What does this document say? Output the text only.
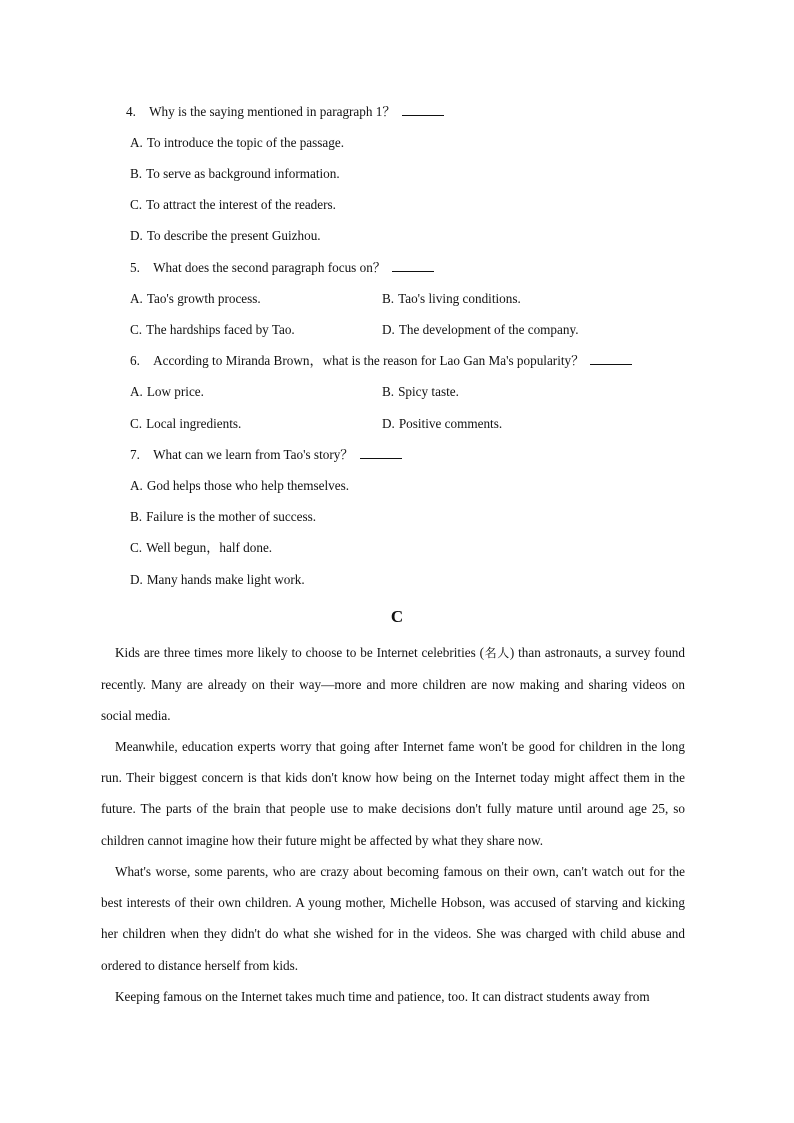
4. Why is the saying mentioned in paragraph 1？
A. To introduce the topic of the passage.
B. To serve as background information.
C. To attract the interest of the readers.
D. To describe the present Guizhou.
5. What does the second paragraph focus on？
A. Tao's growth process.	B. Tao's living conditions.
C. The hardships faced by Tao.	D. The development of the company.
6. According to Miranda Brown，what is the reason for Lao Gan Ma's popularity？
A. Low price.	B. Spicy taste.
C. Local ingredients.	D. Positive comments.
7. What can we learn from Tao's story？
A. God helps those who help themselves.
B. Failure is the mother of success.
C. Well begun，half done.
D. Many hands make light work.
C
Kids are three times more likely to choose to be Internet celebrities (名人) than astronauts, a survey found recently. Many are already on their way—more and more children are now making and sharing videos on social media.
Meanwhile, education experts worry that going after Internet fame won't be good for children in the long run. Their biggest concern is that kids don't know how being on the Internet today might affect them in the future. The parts of the brain that people use to make decisions don't fully mature until around age 25, so children cannot imagine how their future might be affected by what they share now.
What's worse, some parents, who are crazy about becoming famous on their own, can't watch out for the best interests of their own children. A young mother, Michelle Hobson, was accused of starving and kicking her children when they didn't do what she wished for in the videos. She was charged with child abuse and ordered to distance herself from kids.
Keeping famous on the Internet takes much time and patience, too. It can distract students away from
